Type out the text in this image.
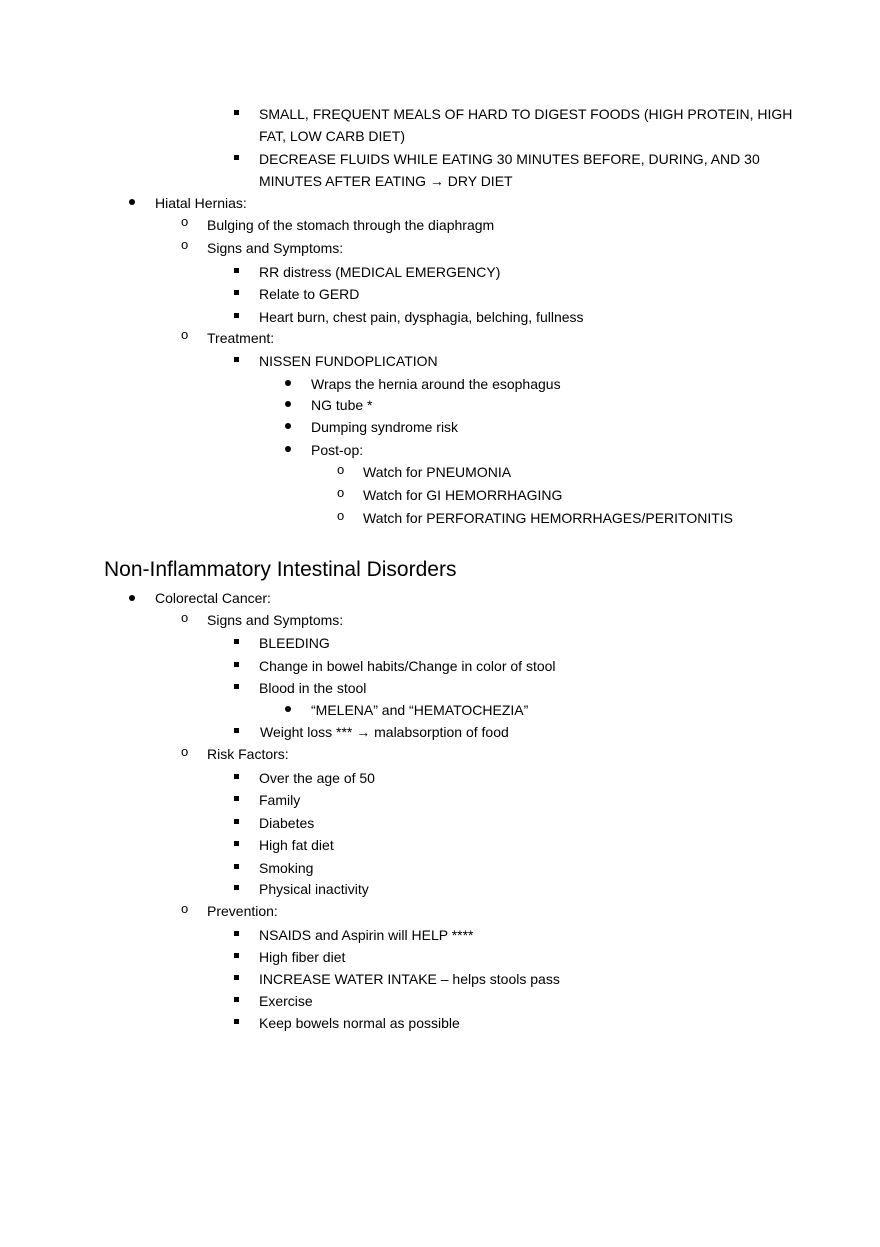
SMALL, FREQUENT MEALS OF HARD TO DIGEST FOODS (HIGH PROTEIN, HIGH
FAT, LOW CARB DIET)
DECREASE FLUIDS WHILE EATING 30 MINUTES BEFORE, DURING, AND 30
MINUTES AFTER EATING → DRY DIET
Hiatal Hernias:
o Bulging of the stomach through the diaphragm
o Signs and Symptoms:
RR distress (MEDICAL EMERGENCY)
Relate to GERD
Heart burn, chest pain, dysphagia, belching, fullness
o Treatment:
NISSEN FUNDOPLICATION
Wraps the hernia around the esophagus
NG tube *
Dumping syndrome risk
Post-op:
o Watch for PNEUMONIA
o Watch for GI HEMORRHAGING
o Watch for PERFORATING HEMORRHAGES/PERITONITIS
Non-Inflammatory Intestinal Disorders
Colorectal Cancer:
o Signs and Symptoms:
BLEEDING
Change in bowel habits/Change in color of stool
Blood in the stool
“MELENA” and “HEMATOCHEZIA”
Weight loss *** → malabsorption of food
o Risk Factors:
Over the age of 50
Family
Diabetes
High fat diet
Smoking
Physical inactivity
o Prevention:
NSAIDS and Aspirin will HELP ****
High fiber diet
INCREASE WATER INTAKE – helps stools pass
Exercise
Keep bowels normal as possible
